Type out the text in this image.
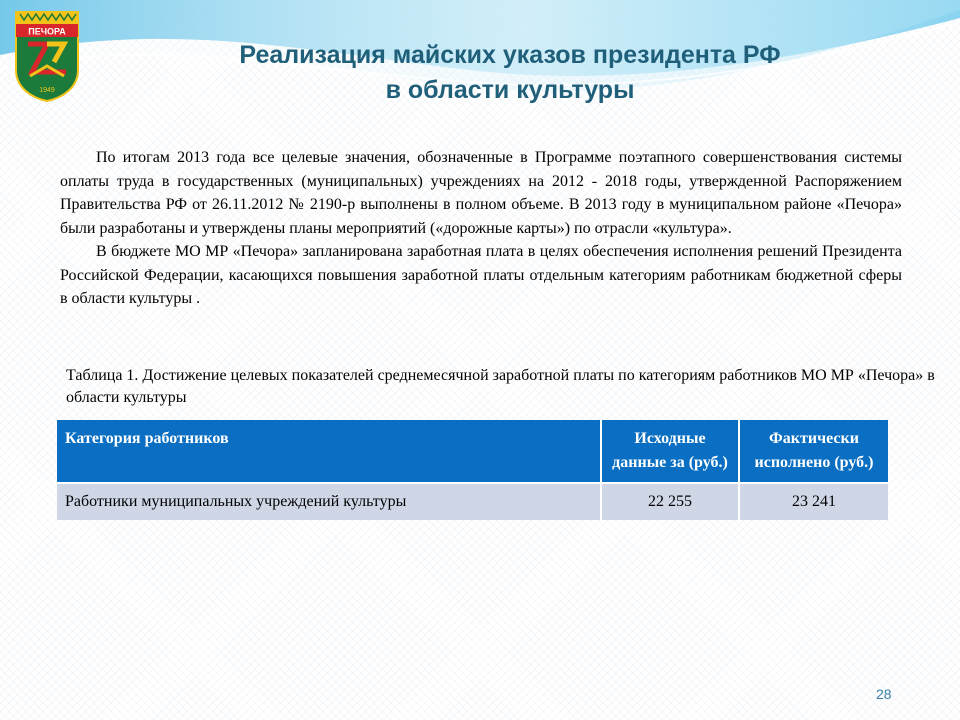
ПЕЧОРА
1949
Реализация майских указов президента РФ
в области культуры

По итогам 2013 года все целевые значения, обозначенные в Программе поэтапного совершенствования системы оплаты труда в государственных (муниципальных) учреждениях на 2012 - 2018 годы, утвержденной Распоряжением Правительства РФ от 26.11.2012 № 2190-р выполнены в полном объеме. В 2013 году в муниципальном районе «Печора» были разработаны и утверждены планы мероприятий («дорожные карты») по отрасли «культура».

В бюджете МО МР «Печора» запланирована заработная плата в целях обеспечения исполнения решений Президента Российской Федерации, касающихся повышения заработной платы отдельным категориям работникам бюджетной сферы в области культуры .

Таблица 1. Достижение целевых показателей среднемесячной заработной платы по категориям работников МО МР «Печора» в области культуры
Категория работников	Исходные данные за (руб.)	Фактически исполнено (руб.)
Работники муниципальных учреждений культуры	22 255	23 241
28
